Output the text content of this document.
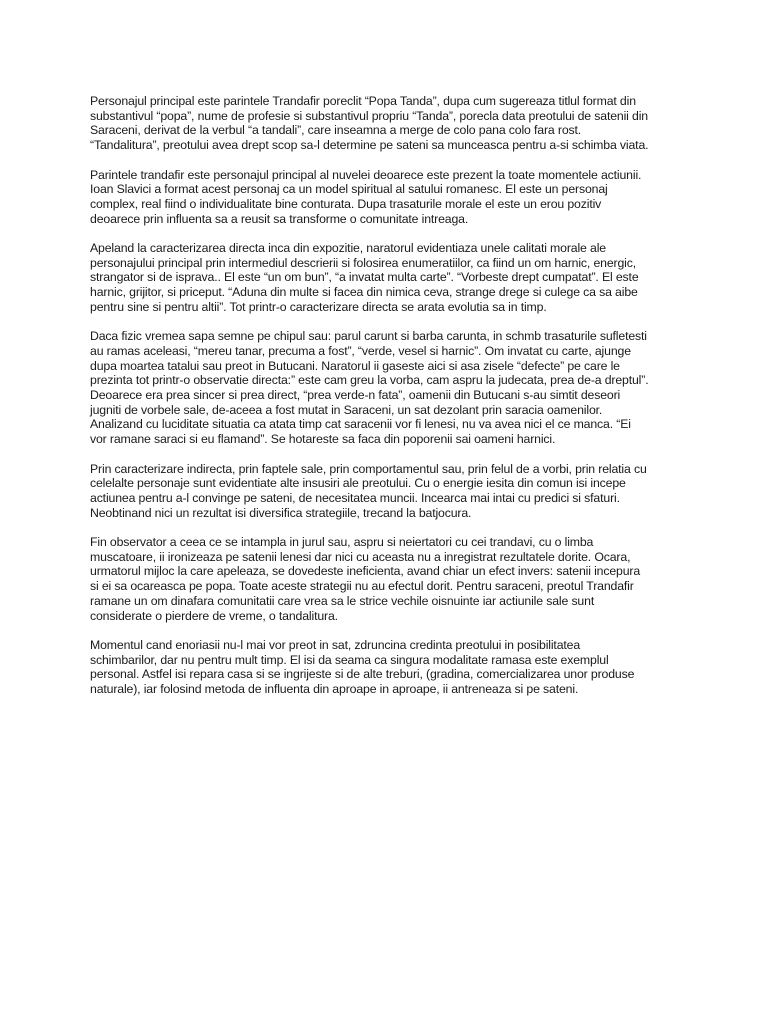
Personajul principal este parintele Trandafir poreclit “Popa Tanda”, dupa cum sugereaza titlul format din
substantivul “popa”, nume de profesie si substantivul propriu “Tanda”, porecla data preotului de satenii din
Saraceni, derivat de la verbul “a tandali”, care inseamna a merge de colo pana colo fara rost.
“Tandalitura”, preotului avea drept scop sa-l determine pe sateni sa munceasca pentru a-si schimba viata.

Parintele trandafir este personajul principal al nuvelei deoarece este prezent la toate momentele actiunii.
Ioan Slavici a format acest personaj ca un model spiritual al satului romanesc. El este un personaj
complex, real fiind o individualitate bine conturata. Dupa trasaturile morale el este un erou pozitiv
deoarece prin influenta sa a reusit sa transforme o comunitate intreaga.

Apeland la caracterizarea directa inca din expozitie, naratorul evidentiaza unele calitati morale ale
personajului principal prin intermediul descrierii si folosirea enumeratiilor, ca fiind un om harnic, energic,
strangator si de isprava.. El este “un om bun”, “a invatat multa carte”. “Vorbeste drept cumpatat”. El este
harnic, grijitor, si priceput. “Aduna din multe si facea din nimica ceva, strange drege si culege ca sa aibe
pentru sine si pentru altii”. Tot printr-o caracterizare directa se arata evolutia sa in timp.

Daca fizic vremea sapa semne pe chipul sau: parul carunt si barba carunta, in schmb trasaturile sufletesti
au ramas aceleasi, “mereu tanar, precuma a fost”, “verde, vesel si harnic”. Om invatat cu carte, ajunge
dupa moartea tatalui sau preot in Butucani. Naratorul ii gaseste aici si asa zisele “defecte” pe care le
prezinta tot printr-o observatie directa:” este cam greu la vorba, cam aspru la judecata, prea de-a dreptul”.
Deoarece era prea sincer si prea direct, “prea verde-n fata”, oamenii din Butucani s-au simtit deseori
jugniti de vorbele sale, de-aceea a fost mutat in Saraceni, un sat dezolant prin saracia oamenilor.
Analizand cu luciditate situatia ca atata timp cat saracenii vor fi lenesi, nu va avea nici el ce manca. “Ei
vor ramane saraci si eu flamand”. Se hotareste sa faca din poporenii sai oameni harnici.

Prin caracterizare indirecta, prin faptele sale, prin comportamentul sau, prin felul de a vorbi, prin relatia cu
celelalte personaje sunt evidentiate alte insusiri ale preotului. Cu o energie iesita din comun isi incepe
actiunea pentru a-l convinge pe sateni, de necesitatea muncii. Incearca mai intai cu predici si sfaturi.
Neobtinand nici un rezultat isi diversifica strategiile, trecand la batjocura.

Fin observator a ceea ce se intampla in jurul sau, aspru si neiertatori cu cei trandavi, cu o limba
muscatoare, ii ironizeaza pe satenii lenesi dar nici cu aceasta nu a inregistrat rezultatele dorite. Ocara,
urmatorul mijloc la care apeleaza, se dovedeste ineficienta, avand chiar un efect invers: satenii incepura
si ei sa ocareasca pe popa. Toate aceste strategii nu au efectul dorit. Pentru saraceni, preotul Trandafir
ramane un om dinafara comunitatii care vrea sa le strice vechile oisnuinte iar actiunile sale sunt
considerate o pierdere de vreme, o tandalitura.

Momentul cand enoriasii nu-l mai vor preot in sat, zdruncina credinta preotului in posibilitatea
schimbarilor, dar nu pentru mult timp. El isi da seama ca singura modalitate ramasa este exemplul
personal. Astfel isi repara casa si se ingrijeste si de alte treburi, (gradina, comercializarea unor produse
naturale), iar folosind metoda de influenta din aproape in aproape, ii antreneaza si pe sateni.
